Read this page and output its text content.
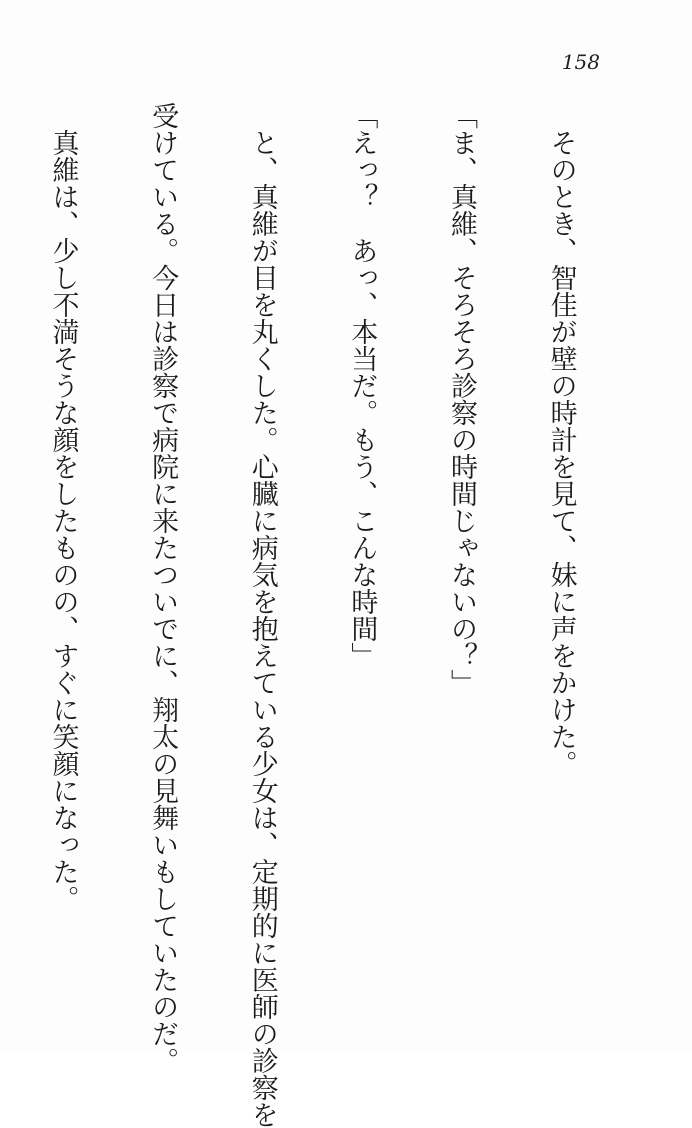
158

　そのとき、智佳が壁の時計を見て、妹に声をかけた。

「ま、真維、そろそろ診察の時間じゃないの？」

「えっ？　あっ、本当だ。もう、こんな時間」

　と、真維が目を丸くした。心臓に病気を抱えている少女は、定期的に医師の診察を

受けている。今日は診察で病院に来たついでに、翔太の見舞いもしていたのだ。

　真維は、少し不満そうな顔をしたものの、すぐに笑顔になった。
